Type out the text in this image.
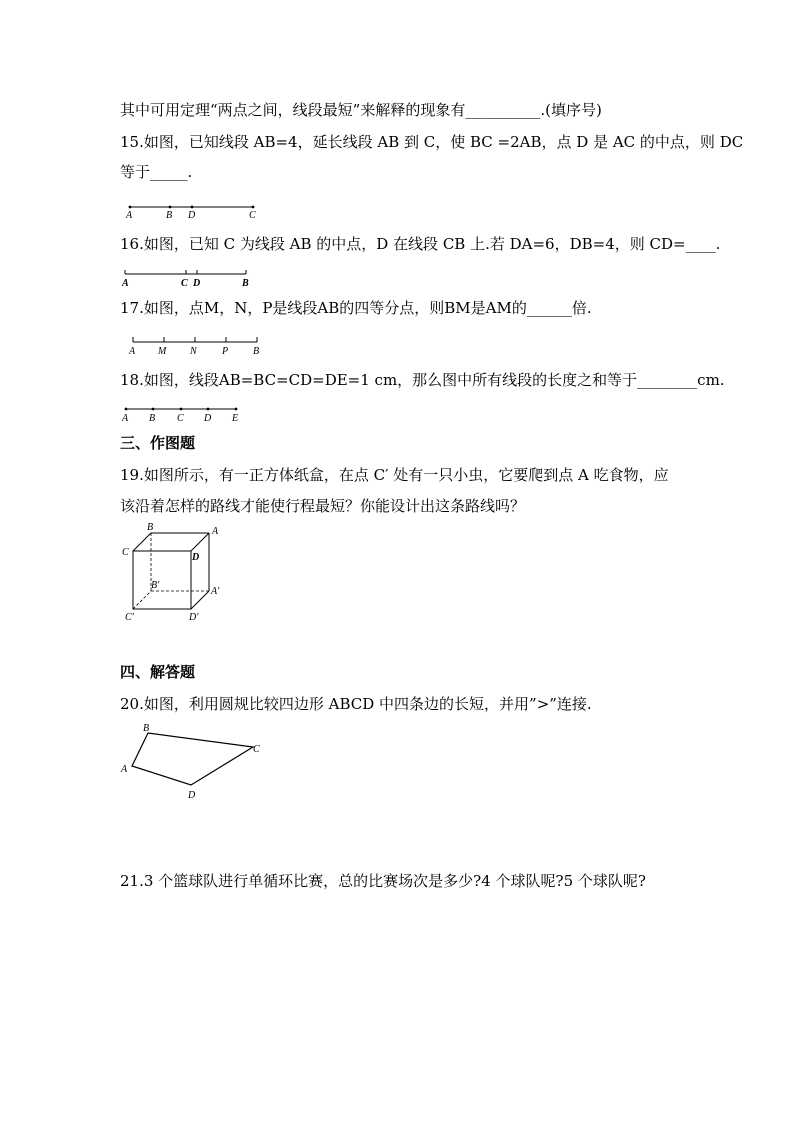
其中可用定理“两点之间，线段最短”来解释的现象有__________.(填序号)
15.如图，已知线段 AB=4，延长线段 AB 到 C，使 BC =2AB，点 D 是 AC 的中点，则 DC
等于_____.
A	B D	C
16.如图，已知 C 为线段 AB 的中点，D 在线段 CB 上.若 DA=6，DB=4，则 CD=____.
A	C D	B
17.如图，点M，N，P是线段AB的四等分点，则BM是AM的______倍.
A M N	P B
18.如图，线段AB=BC=CD=DE=1 cm，那么图中所有线段的长度之和等于________cm.
A B C D E
三、作图题
19.如图所示，有一正方体纸盒，在点 C′ 处有一只小虫，它要爬到点 A 吃食物，应
该沿着怎样的路线才能使行程最短？你能设计出这条路线吗？
B	A
C	D
B′
A′
C′	D′
四、解答题
20.如图，利用圆规比较四边形 ABCD 中四条边的长短，并用”>”连接.
A
B
C
D
21.3 个篮球队进行单循环比赛，总的比赛场次是多少?4 个球队呢?5 个球队呢?
